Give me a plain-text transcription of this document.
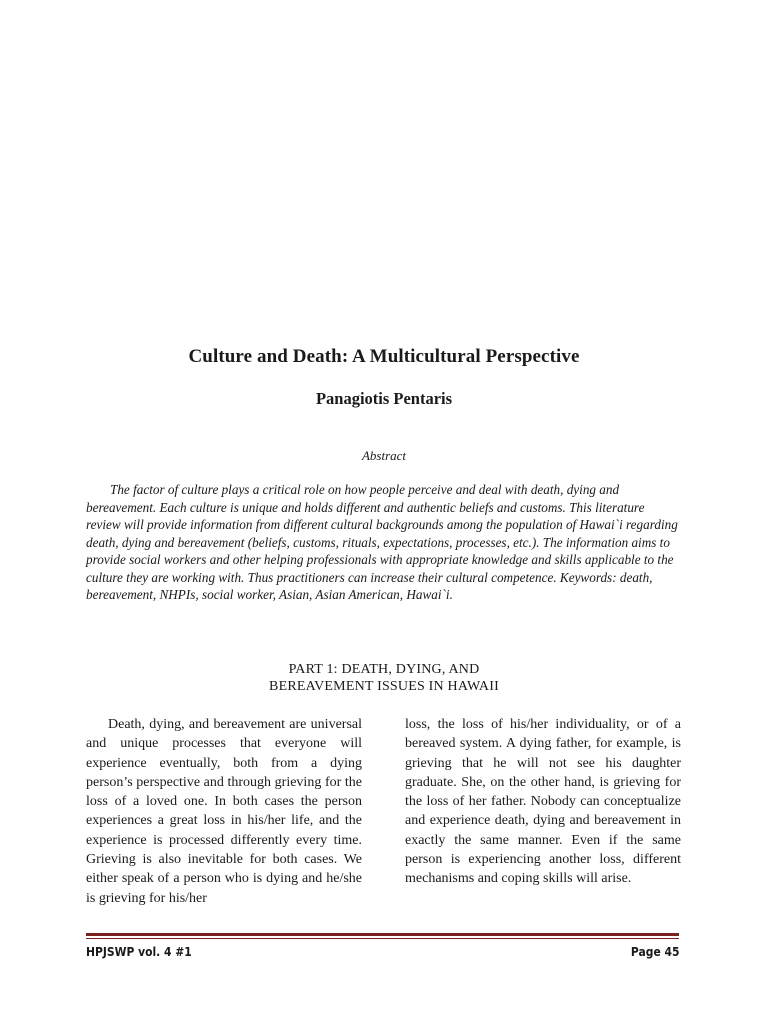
Culture and Death: A Multicultural Perspective
Panagiotis Pentaris
Abstract

The factor of culture plays a critical role on how people perceive and deal with death, dying and bereavement. Each culture is unique and holds different and authentic beliefs and customs. This literature review will provide information from different cultural backgrounds among the population of Hawai`i regarding death, dying and bereavement (beliefs, customs, rituals, expectations, processes, etc.). The information aims to provide social workers and other helping professionals with appropriate knowledge and skills applicable to the culture they are working with. Thus practitioners can increase their cultural competence. Keywords: death, bereavement, NHPIs, social worker, Asian, Asian American, Hawai`i.

PART 1: DEATH, DYING, AND
BEREAVEMENT ISSUES IN HAWAII

Death, dying, and bereavement are universal and unique processes that everyone will experience eventually, both from a dying person’s perspective and through grieving for the loss of a loved one. In both cases the person experiences a great loss in his/her life, and the experience is processed differently every time. Grieving is also inevitable for both cases. We either speak of a person who is dying and he/she is grieving for his/her

loss, the loss of his/her individuality, or of a bereaved system. A dying father, for example, is grieving that he will not see his daughter graduate. She, on the other hand, is grieving for the loss of her father. Nobody can conceptualize and experience death, dying and bereavement in exactly the same manner. Even if the same person is experiencing another loss, different mechanisms and coping skills will arise.

HPJSWP vol. 4 #1	Page 45
